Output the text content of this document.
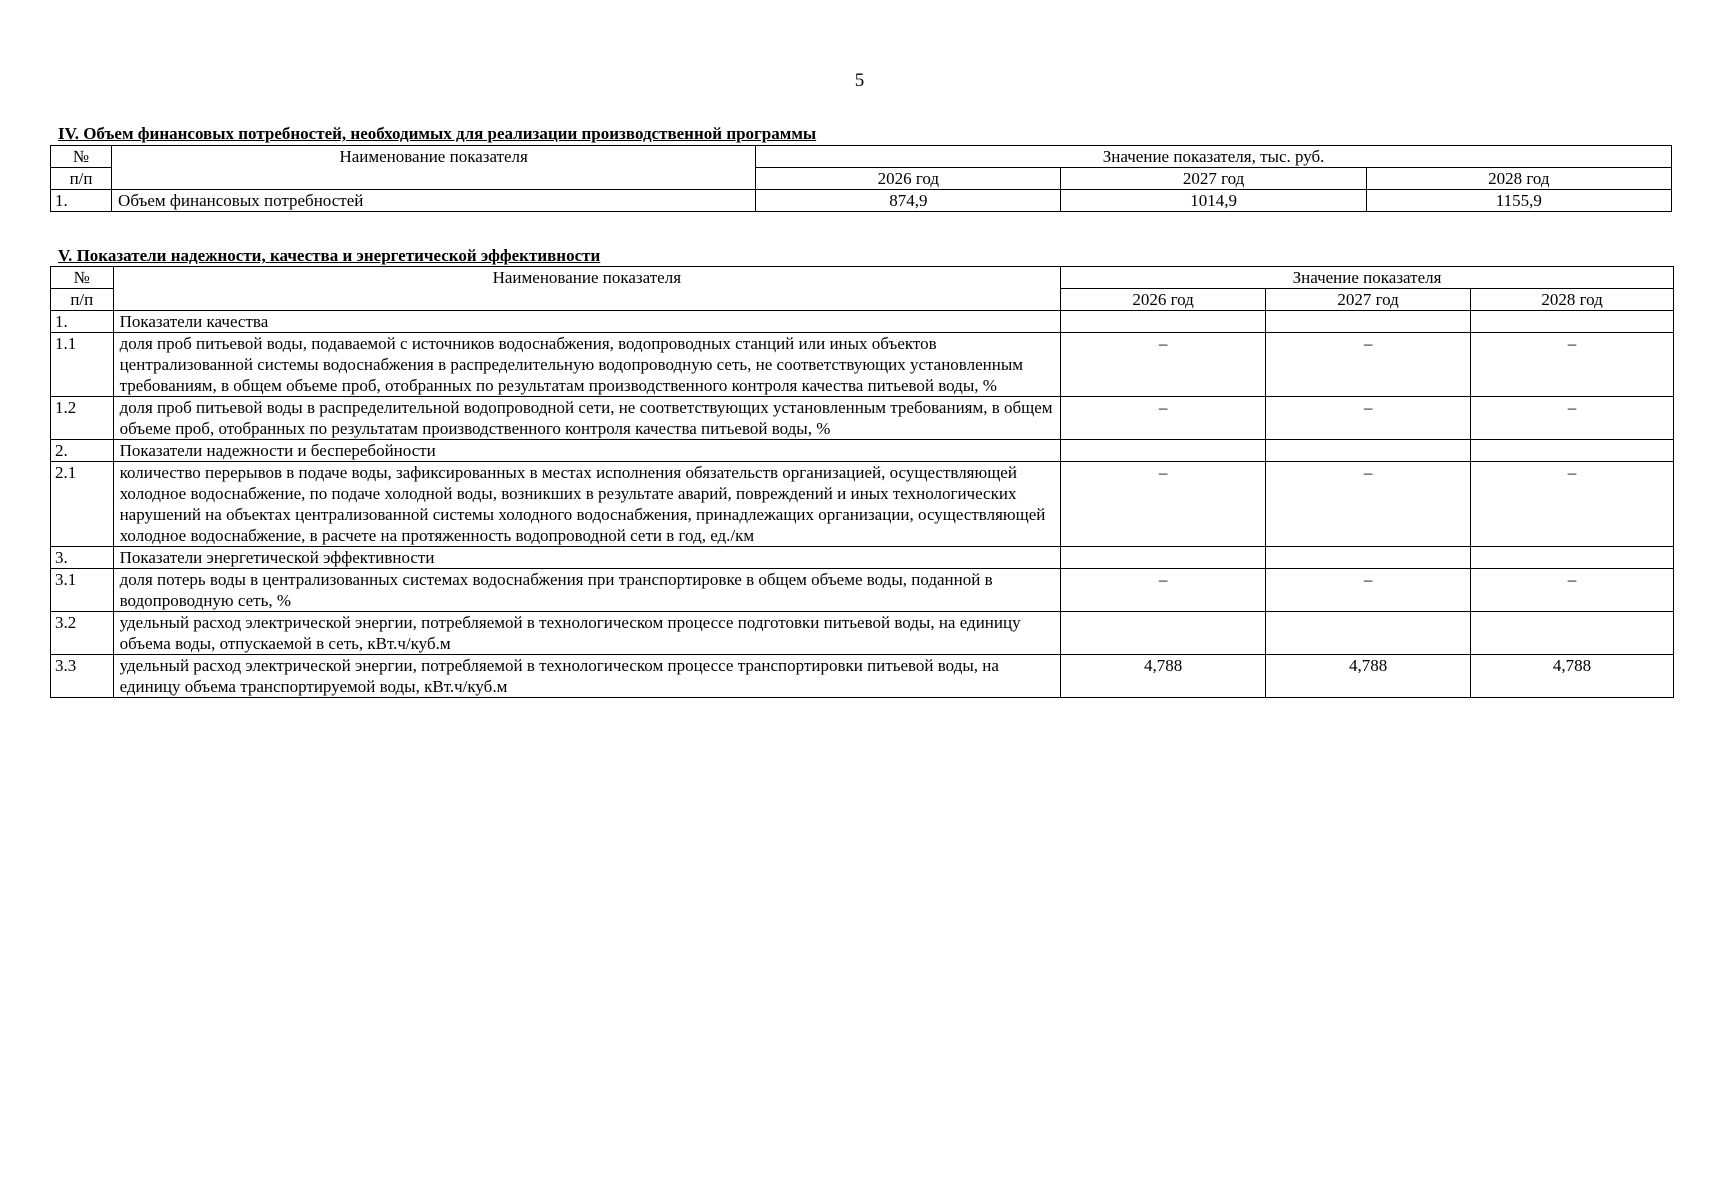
5
IV. Объем финансовых потребностей, необходимых для реализации производственной программы
№	Наименование показателя	Значение показателя, тыс. руб.		
п/п		2026 год	2027 год	2028 год
1.	Объем финансовых потребностей	874,9	1014,9	1155,9
V. Показатели надежности, качества и энергетической эффективности
№	Наименование показателя	Значение показателя		
п/п		2026 год	2027 год	2028 год
1.	Показатели качества			
1.1	доля проб питьевой воды, подаваемой с источников водоснабжения, водопроводных станций или иных объектов централизованной системы водоснабжения в распределительную водопроводную сеть, не соответствующих установленным требованиям, в общем объеме проб, отобранных по результатам производственного контроля качества питьевой воды, %	–	–	–
1.2	доля проб питьевой воды в распределительной водопроводной сети, не соответствующих установленным требованиям, в общем объеме проб, отобранных по результатам производственного контроля качества питьевой воды, %	–	–	–
2.	Показатели надежности и бесперебойности			
2.1	количество перерывов в подаче воды, зафиксированных в местах исполнения обязательств организацией, осуществляющей холодное водоснабжение, по подаче холодной воды, возникших в результате аварий, повреждений и иных технологических нарушений на объектах централизованной системы холодного водоснабжения, принадлежащих организации, осуществляющей холодное водоснабжение, в расчете на протяженность водопроводной сети в год, ед./км	–	–	–
3.	Показатели энергетической эффективности			
3.1	доля потерь воды в централизованных системах водоснабжения при транспортировке в общем объеме воды, поданной в водопроводную сеть, %	–	–	–
3.2	удельный расход электрической энергии, потребляемой в технологическом процессе подготовки питьевой воды, на единицу объема воды, отпускаемой в сеть, кВт.ч/куб.м			
3.3	удельный расход электрической энергии, потребляемой в технологическом процессе транспортировки питьевой воды, на единицу объема транспортируемой воды, кВт.ч/куб.м	4,788	4,788	4,788
